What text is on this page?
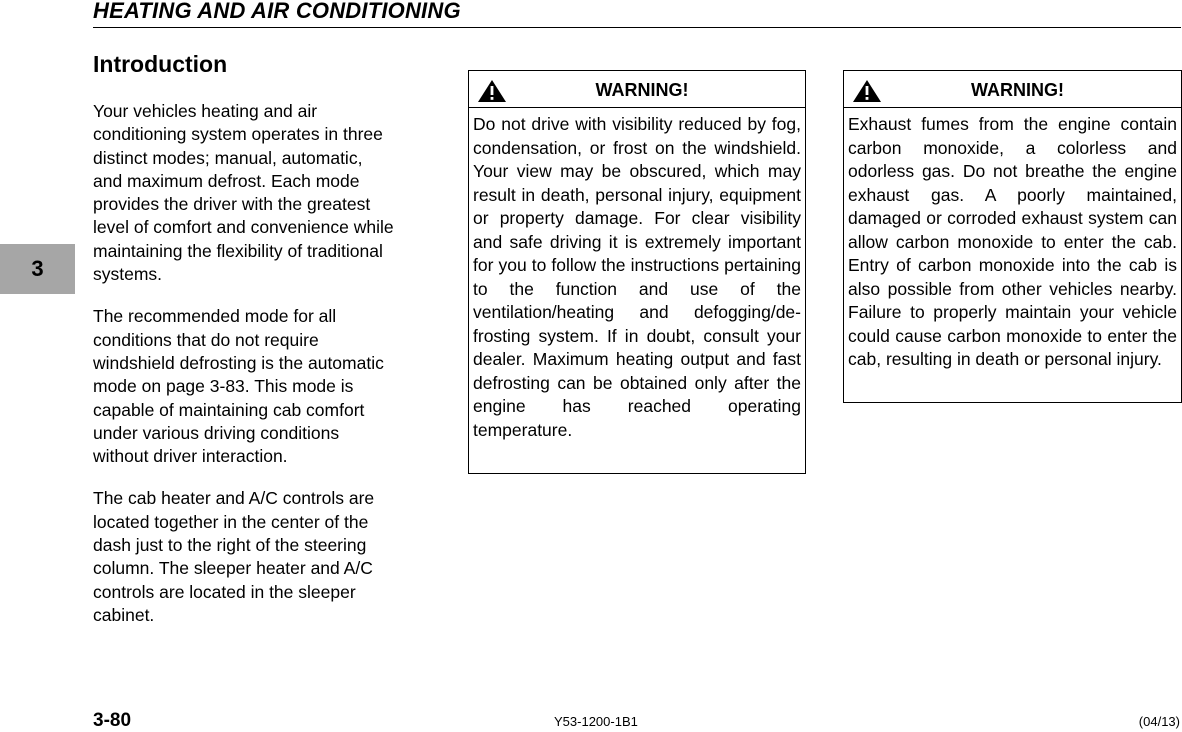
HEATING AND AIR CONDITIONING
3
Introduction

Your vehicles heating and air
conditioning system operates in three
distinct modes; manual, automatic,
and maximum defrost. Each mode
provides the driver with the greatest
level of comfort and convenience while
maintaining the flexibility of traditional
systems.

The recommended mode for all
conditions that do not require
windshield defrosting is the automatic
mode on page 3-83. This mode is
capable of maintaining cab comfort
under various driving conditions
without driver interaction.

The cab heater and A/C controls are
located together in the center of the
dash just to the right of the steering
column. The sleeper heater and A/C
controls are located in the sleeper
cabinet.

WARNING!
Do not drive with visibility reduced by fog, condensation, or frost on the windshield. Your view may be obscured, which may result in death, personal injury, equipment or property damage. For clear visibility and safe driving it is extremely important for you to follow the instructions pertaining to the function and use of the ventilation/heating and defogging/defrosting system. If in doubt, consult your dealer. Maximum heating output and fast defrosting can be obtained only after the engine has reached operating temperature.
WARNING!
Exhaust fumes from the engine contain carbon monoxide, a colorless and odorless gas. Do not breathe the engine exhaust gas. A poorly maintained, damaged or corroded exhaust system can allow carbon monoxide to enter the cab. Entry of carbon monoxide into the cab is also possible from other vehicles nearby. Failure to properly maintain your vehicle could cause carbon monoxide to enter the cab, resulting in death or personal injury.
3-80	Y53-1200-1B1	(04/13)
